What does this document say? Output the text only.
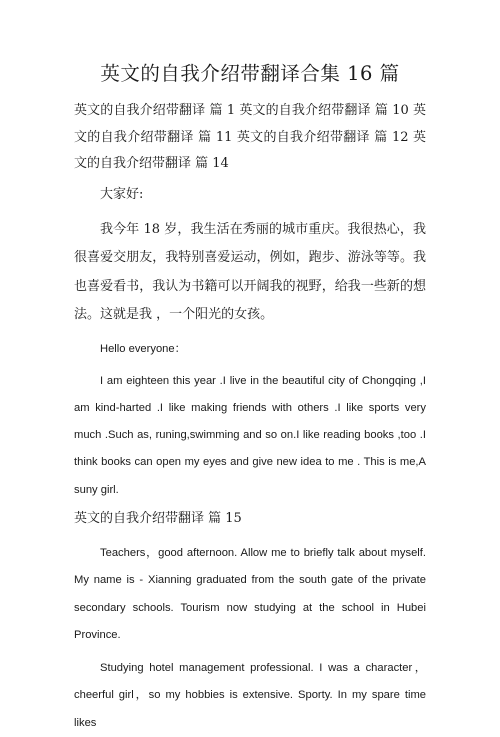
英文的自我介绍带翻译合集 16 篇

英文的自我介绍带翻译 篇 1 英文的自我介绍带翻译 篇 10 英文的自我介绍带翻译 篇 11 英文的自我介绍带翻译 篇 12 英文的自我介绍带翻译 篇 14

大家好:

我今年 18 岁，我生活在秀丽的城市重庆。我很热心，我很喜爱交朋友，我特别喜爱运动，例如，跑步、游泳等等。我也喜爱看书，我认为书籍可以开阔我的视野，给我一些新的想法。这就是我 ，一个阳光的女孩。

Hello everyone：

I am eighteen this year .I live in the beautiful city of Chongqing ,I am kind-harted .I like making friends with others .I like sports very much .Such as, runing,swimming and so on.I like reading books ,too .I think books can open my eyes and give new idea to me . This is me,A suny girl.

英文的自我介绍带翻译 篇 15

Teachers，good afternoon. Allow me to briefly talk about myself. My name is - Xianning graduated from the south gate of the private secondary schools. Tourism now studying at the school in Hubei Province.

Studying hotel management professional. I was a character，cheerful girl，so my hobbies is extensive. Sporty. In my spare time likes
